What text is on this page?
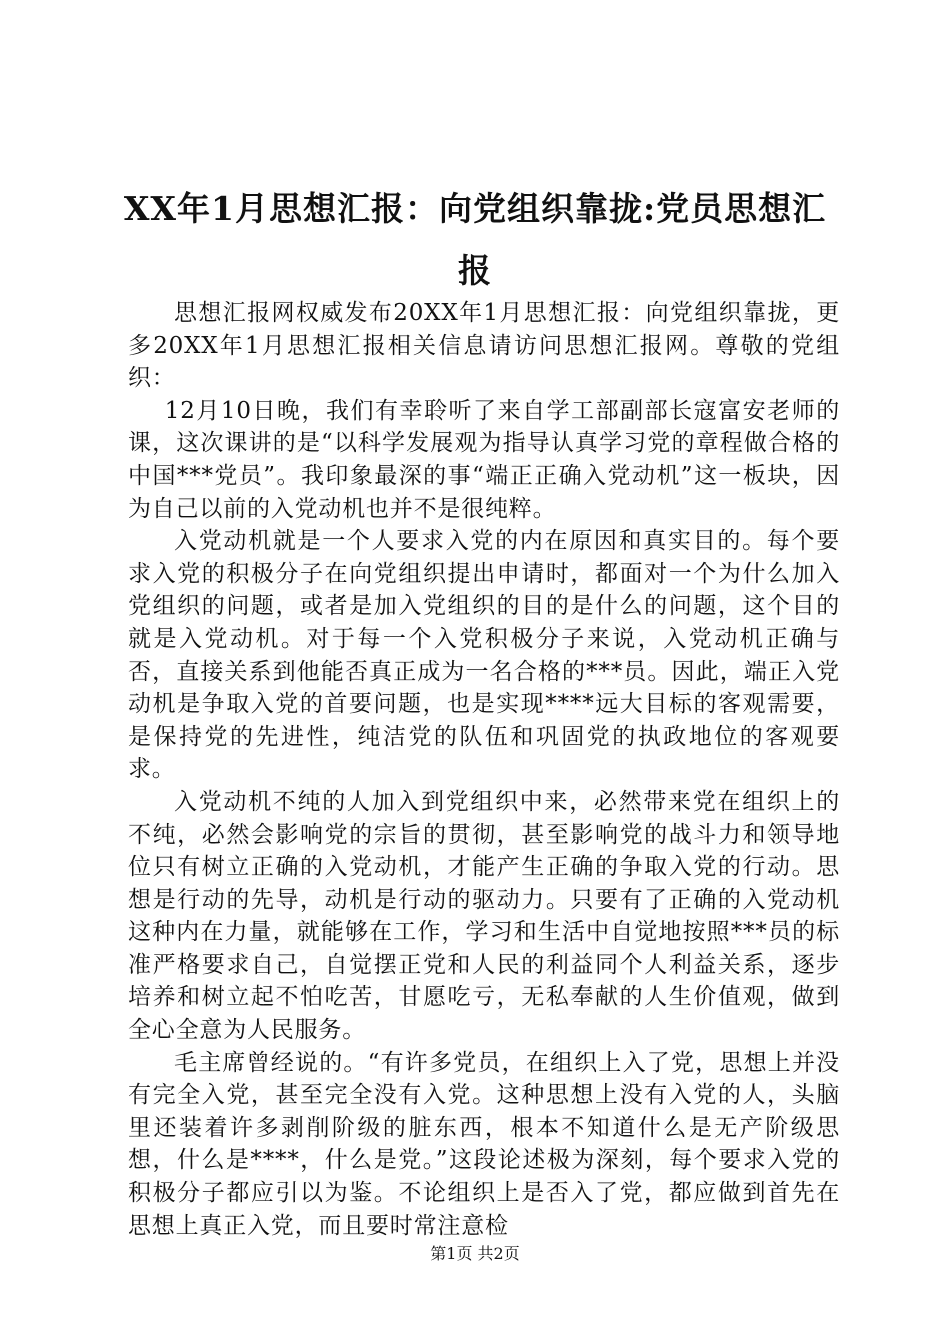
XX年1月思想汇报：向党组织靠拢:党员思想汇报

思想汇报网权威发布20XX年1月思想汇报：向党组织靠拢，更多20XX年1月思想汇报相关信息请访问思想汇报网。尊敬的党组织：

12月10日晚，我们有幸聆听了来自学工部副部长寇富安老师的课，这次课讲的是“以科学发展观为指导认真学习党的章程做合格的中国***党员”。我印象最深的事“端正正确入党动机”这一板块，因为自己以前的入党动机也并不是很纯粹。

入党动机就是一个人要求入党的内在原因和真实目的。每个要求入党的积极分子在向党组织提出申请时，都面对一个为什么加入党组织的问题，或者是加入党组织的目的是什么的问题，这个目的就是入党动机。对于每一个入党积极分子来说，入党动机正确与否，直接关系到他能否真正成为一名合格的***员。因此，端正入党动机是争取入党的首要问题，也是实现****远大目标的客观需要，是保持党的先进性，纯洁党的队伍和巩固党的执政地位的客观要求。

入党动机不纯的人加入到党组织中来，必然带来党在组织上的不纯，必然会影响党的宗旨的贯彻，甚至影响党的战斗力和领导地位只有树立正确的入党动机，才能产生正确的争取入党的行动。思想是行动的先导，动机是行动的驱动力。只要有了正确的入党动机这种内在力量，就能够在工作，学习和生活中自觉地按照***员的标准严格要求自己，自觉摆正党和人民的利益同个人利益关系，逐步培养和树立起不怕吃苦，甘愿吃亏，无私奉献的人生价值观，做到全心全意为人民服务。

毛主席曾经说的。“有许多党员，在组织上入了党，思想上并没有完全入党，甚至完全没有入党。这种思想上没有入党的人，头脑里还装着许多剥削阶级的脏东西，根本不知道什么是无产阶级思想，什么是****，什么是党。”这段论述极为深刻，每个要求入党的积极分子都应引以为鉴。不论组织上是否入了党，都应做到首先在思想上真正入党，而且要时常注意检

第1页 共2页
